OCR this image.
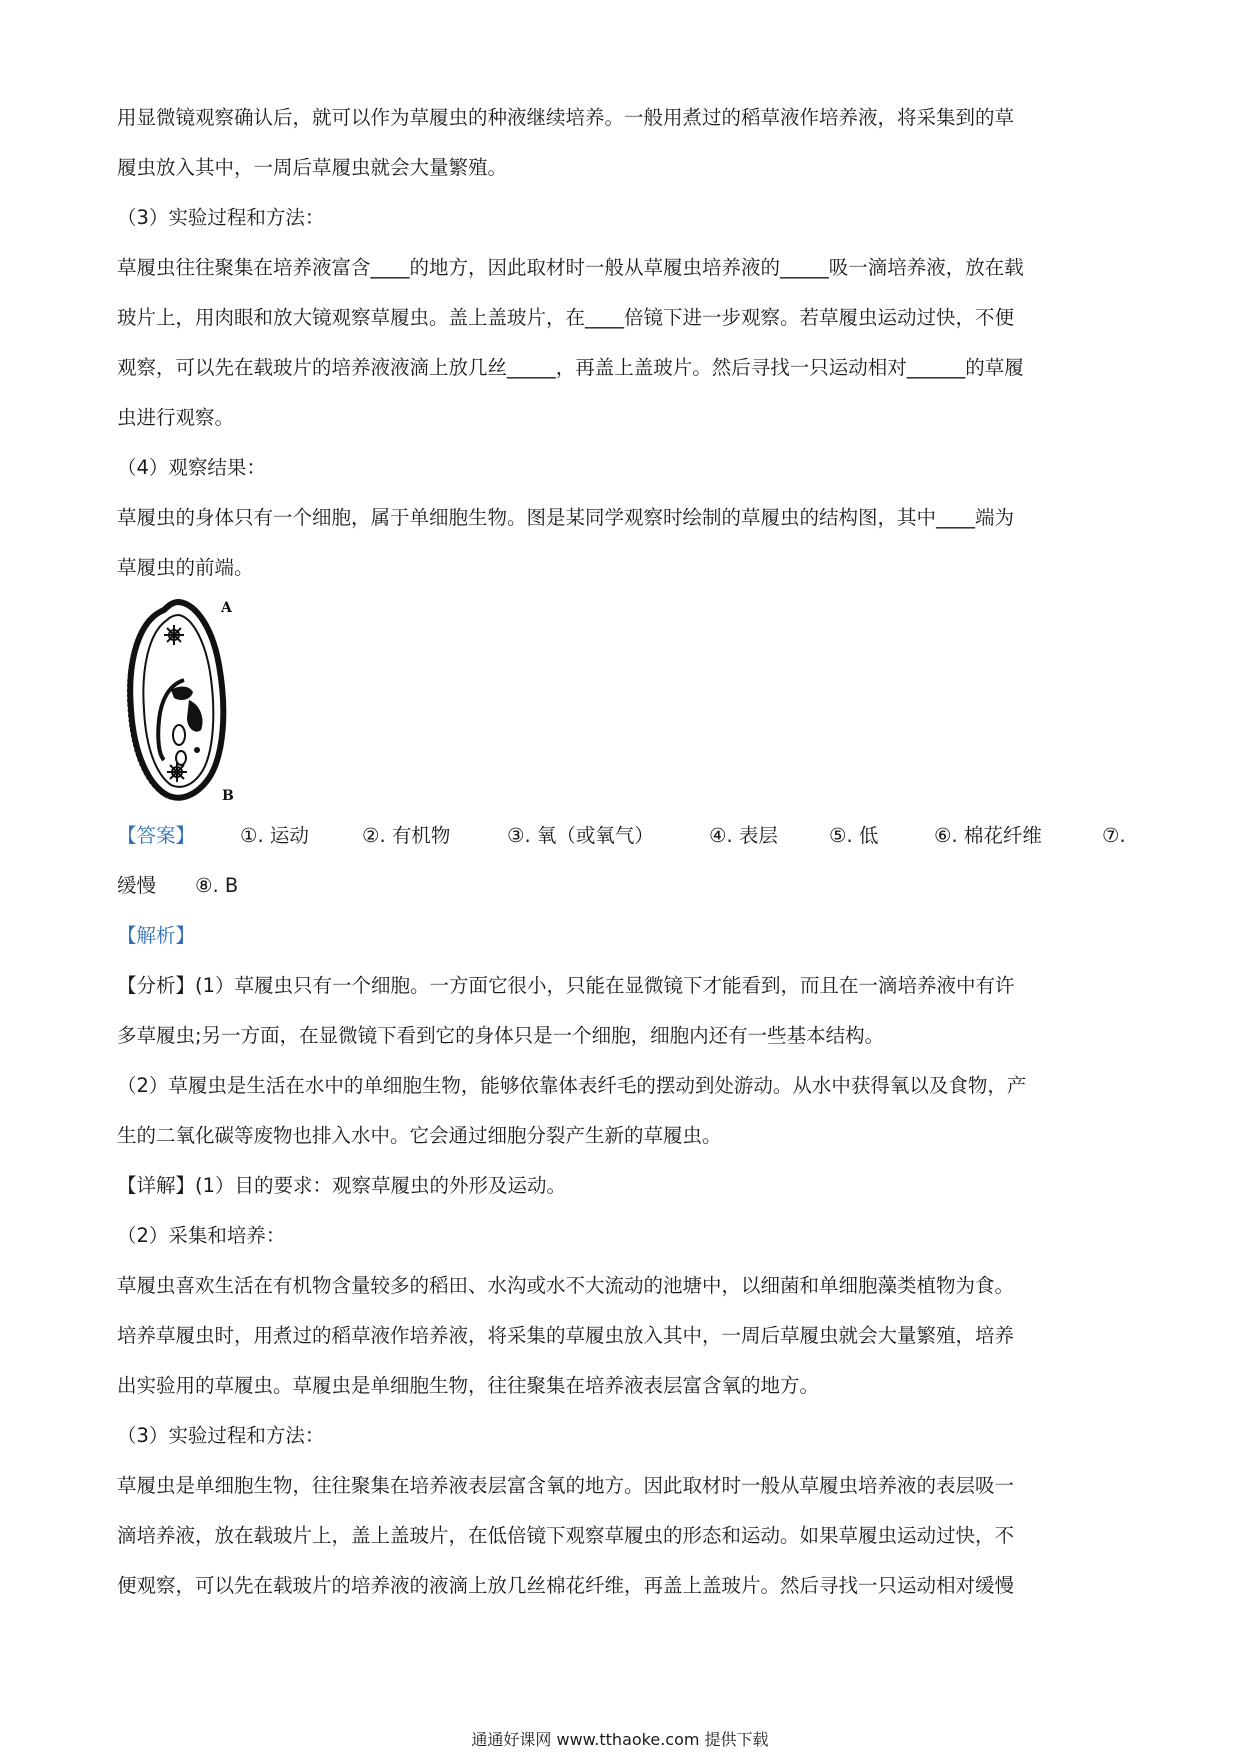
用显微镜观察确认后，就可以作为草履虫的种液继续培养。一般用煮过的稻草液作培养液，将采集到的草
履虫放入其中，一周后草履虫就会大量繁殖。
（3）实验过程和方法：
草履虫往往聚集在培养液富含____的地方，因此取材时一般从草履虫培养液的_____吸一滴培养液，放在载
玻片上，用肉眼和放大镜观察草履虫。盖上盖玻片，在____倍镜下进一步观察。若草履虫运动过快，不便
观察，可以先在载玻片的培养液液滴上放几丝_____，再盖上盖玻片。然后寻找一只运动相对______的草履
虫进行观察。
（4）观察结果：
草履虫的身体只有一个细胞，属于单细胞生物。图是某同学观察时绘制的草履虫的结构图，其中____端为
草履虫的前端。
A
B
【答案】 ①. 运动	②. 有机物	③. 氧（或氧气）	④. 表层	⑤. 低	⑥. 棉花纤维	⑦.
缓慢 ⑧. B
【解析】
【分析】(1）草履虫只有一个细胞。一方面它很小，只能在显微镜下才能看到，而且在一滴培养液中有许
多草履虫;另一方面，在显微镜下看到它的身体只是一个细胞，细胞内还有一些基本结构。
（2）草履虫是生活在水中的单细胞生物，能够依靠体表纤毛的摆动到处游动。从水中获得氧以及食物，产
生的二氧化碳等废物也排入水中。它会通过细胞分裂产生新的草履虫。
【详解】(1）目的要求：观察草履虫的外形及运动。
（2）采集和培养：
草履虫喜欢生活在有机物含量较多的稻田、水沟或水不大流动的池塘中，以细菌和单细胞藻类植物为食。
培养草履虫时，用煮过的稻草液作培养液，将采集的草履虫放入其中，一周后草履虫就会大量繁殖，培养
出实验用的草履虫。草履虫是单细胞生物，往往聚集在培养液表层富含氧的地方。
（3）实验过程和方法：
草履虫是单细胞生物，往往聚集在培养液表层富含氧的地方。因此取材时一般从草履虫培养液的表层吸一
滴培养液，放在载玻片上，盖上盖玻片，在低倍镜下观察草履虫的形态和运动。如果草履虫运动过快，不
便观察，可以先在载玻片的培养液的液滴上放几丝棉花纤维，再盖上盖玻片。然后寻找一只运动相对缓慢
通通好课网 www.tthaoke.com 提供下载
